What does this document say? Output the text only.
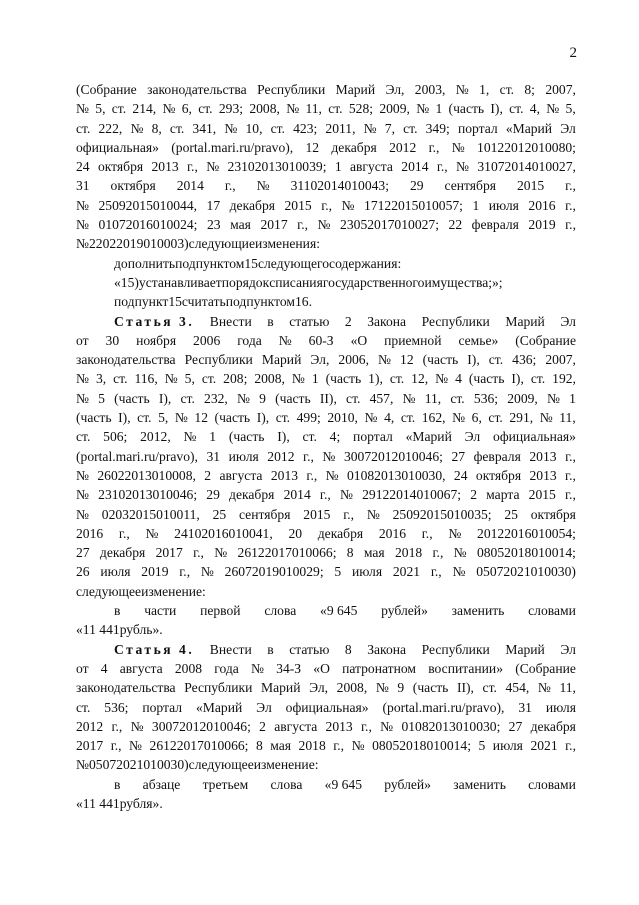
2
(Собрание законодательства Республики Марий Эл, 2003, № 1, ст. 8; 2007,
№ 5, ст. 214, № 6, ст. 293; 2008, № 11, ст. 528; 2009, № 1 (часть I), ст. 4, № 5,
ст. 222, № 8, ст. 341, № 10, ст. 423; 2011, № 7, ст. 349; портал «Марий Эл
официальная» (portal.mari.ru/pravo), 12 декабря 2012 г., № 10122012010080;
24 октября 2013 г., № 23102013010039; 1 августа 2014 г., № 31072014010027,
31 октября 2014 г., № 31102014010043; 29 сентября 2015 г.,
№ 25092015010044, 17 декабря 2015 г., № 17122015010057; 1 июля 2016 г.,
№ 01072016010024; 23 мая 2017 г., № 23052017010027; 22 февраля 2019 г.,
№ 22022019010003) следующие изменения:
дополнить подпунктом 15 следующего содержания:
«15) устанавливает порядок списания государственного имущества;»;
подпункт 15 считать подпунктом 16.
Статья 3. Внести в статью 2 Закона Республики Марий Эл
от 30 ноября 2006 года № 60-З «О приемной семье» (Собрание
законодательства Республики Марий Эл, 2006, № 12 (часть I), ст. 436; 2007,
№ 3, ст. 116, № 5, ст. 208; 2008, № 1 (часть 1), ст. 12, № 4 (часть I), ст. 192,
№ 5 (часть I), ст. 232, № 9 (часть II), ст. 457, № 11, ст. 536; 2009, № 1
(часть I), ст. 5, № 12 (часть I), ст. 499; 2010, № 4, ст. 162, № 6, ст. 291, № 11,
ст. 506; 2012, № 1 (часть I), ст. 4; портал «Марий Эл официальная»
(portal.mari.ru/pravo), 31 июля 2012 г., № 30072012010046; 27 февраля 2013 г.,
№ 26022013010008, 2 августа 2013 г., № 01082013010030, 24 октября 2013 г.,
№ 23102013010046; 29 декабря 2014 г., № 29122014010067; 2 марта 2015 г.,
№ 02032015010011, 25 сентября 2015 г., № 25092015010035; 25 октября
2016 г., № 24102016010041, 20 декабря 2016 г., № 20122016010054;
27 декабря 2017 г., № 26122017010066; 8 мая 2018 г., № 08052018010014;
26 июля 2019 г., № 26072019010029; 5 июля 2021 г., № 05072021010030)
следующее изменение:
в части первой слова «9 645 рублей» заменить словами
«11 441 рубль».
Статья 4. Внести в статью 8 Закона Республики Марий Эл
от 4 августа 2008 года № 34-З «О патронатном воспитании» (Собрание
законодательства Республики Марий Эл, 2008, № 9 (часть II), ст. 454, № 11,
ст. 536; портал «Марий Эл официальная» (portal.mari.ru/pravo), 31 июля
2012 г., № 30072012010046; 2 августа 2013 г., № 01082013010030; 27 декабря
2017 г., № 26122017010066; 8 мая 2018 г., № 08052018010014; 5 июля 2021 г.,
№ 05072021010030) следующее изменение:
в абзаце третьем слова «9 645 рублей» заменить словами
«11 441 рубля».
